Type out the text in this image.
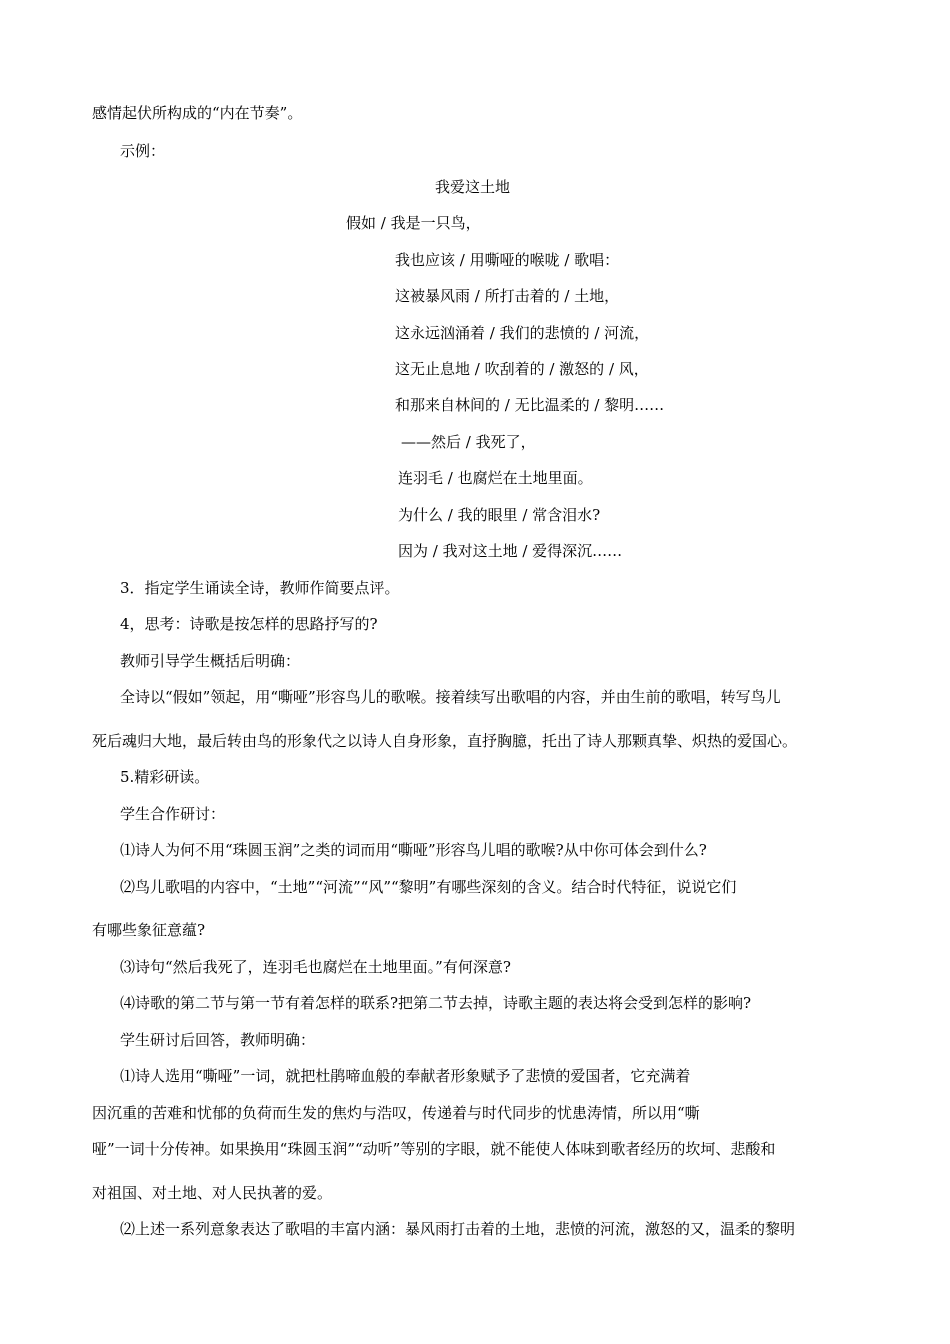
感情起伏所构成的“内在节奏”。
示例：
我爱这土地
假如 / 我是一只鸟，
我也应该 / 用嘶哑的喉咙 / 歌唱：
这被暴风雨 / 所打击着的 / 土地，
这永远汹涌着 / 我们的悲愤的 / 河流，
这无止息地 / 吹刮着的 / 激怒的 / 风，
和那来自林间的 / 无比温柔的 / 黎明……
——然后 / 我死了，
连羽毛 / 也腐烂在土地里面。
为什么 / 我的眼里 / 常含泪水?
因为 / 我对这土地 / 爱得深沉……
3．指定学生诵读全诗，教师作简要点评。
4，思考：诗歌是按怎样的思路抒写的?
教师引导学生概括后明确：
全诗以“假如”领起，用“嘶哑”形容鸟儿的歌喉。接着续写出歌唱的内容，并由生前的歌唱，转写鸟儿
死后魂归大地，最后转由鸟的形象代之以诗人自身形象，直抒胸臆，托出了诗人那颗真挚、炽热的爱国心。
5.精彩研读。
学生合作研讨：
⑴诗人为何不用“珠圆玉润”之类的词而用“嘶哑”形容鸟儿唱的歌喉?从中你可体会到什么?
⑵鸟儿歌唱的内容中，“土地”“河流”“风”“黎明”有哪些深刻的含义。结合时代特征，说说它们
有哪些象征意蕴?
⑶诗句“然后我死了，连羽毛也腐烂在土地里面。”有何深意?
⑷诗歌的第二节与第一节有着怎样的联系?把第二节去掉，诗歌主题的表达将会受到怎样的影响?
学生研讨后回答，教师明确：
⑴诗人选用“嘶哑”一词，就把杜鹃啼血般的奉献者形象赋予了悲愤的爱国者，它充满着
因沉重的苦难和忧郁的负荷而生发的焦灼与浩叹，传递着与时代同步的忧患涛情，所以用“嘶
哑”一词十分传神。如果换用“珠圆玉润”“动听”等别的字眼，就不能使人体味到歌者经历的坎坷、悲酸和
对祖国、对土地、对人民执著的爱。
⑵上述一系列意象表达了歌唱的丰富内涵：暴风雨打击着的土地，悲愤的河流，激怒的又，温柔的黎明
